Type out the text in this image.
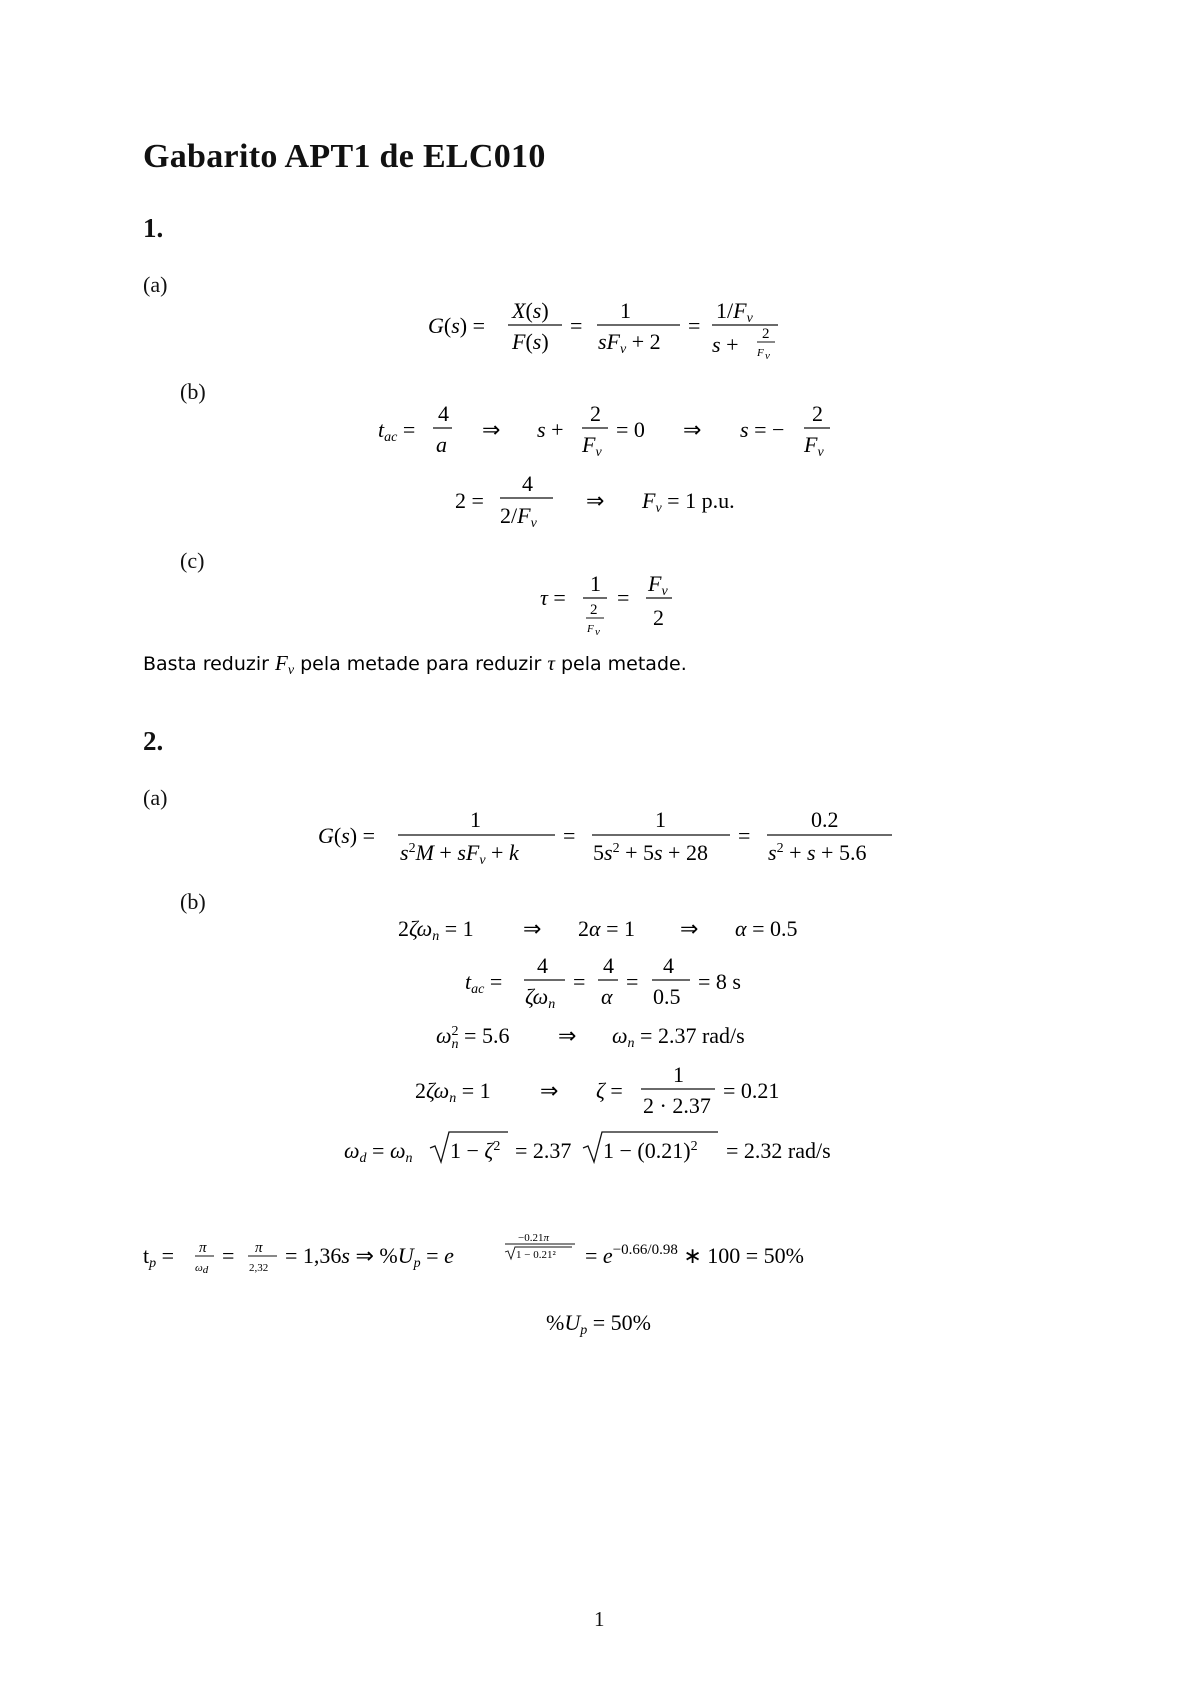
Gabarito APT1 de ELC010
1.
(a)
(b)
(c)
G(s) =
X(s)
F(s)
=
1
sFv + 2
=
1/Fv
s + 2
F v
tac =
4
a
⇒ s +
2
Fv
= 0 ⇒ s = −
2
Fv
2 =
4
2/Fv
⇒ Fv = 1 p.u.
τ =
1
2
F v
=
Fv
2
Basta reduzir $F_v$ pela metade para reduzir τ pela metade.
2.
(a)
(b)
G(s) =
1
$s^2M$ + sFv + k
=
1
$5s^2 + 5s + 28$
=
0.2
$s^2 + s + 5.6$
2ζωn = 1 ⇒ 2α = 1 ⇒ α = 0.5
tac =
4
ζωn
=
4
α
=
4
0.5
= 8 s
$\omega^2$ n = 5.6 ⇒ ωn = 2.37 rad/s
2ζωn = 1 ⇒ ζ =
1
2 · 2.37
= 0.21
ωd = ωn $1 - \zeta^2 = 2.37$ $1 - (0.21)^2 = 2.32$ rad/s
tp = π
ωd
= π
2,32 = 1,36s ⇒ %Up = e
−0.21π
$1 - 0.21^2 = e^{-0.66/0.98}$ ∗ 100 = 50%
%Up = 50%
1
